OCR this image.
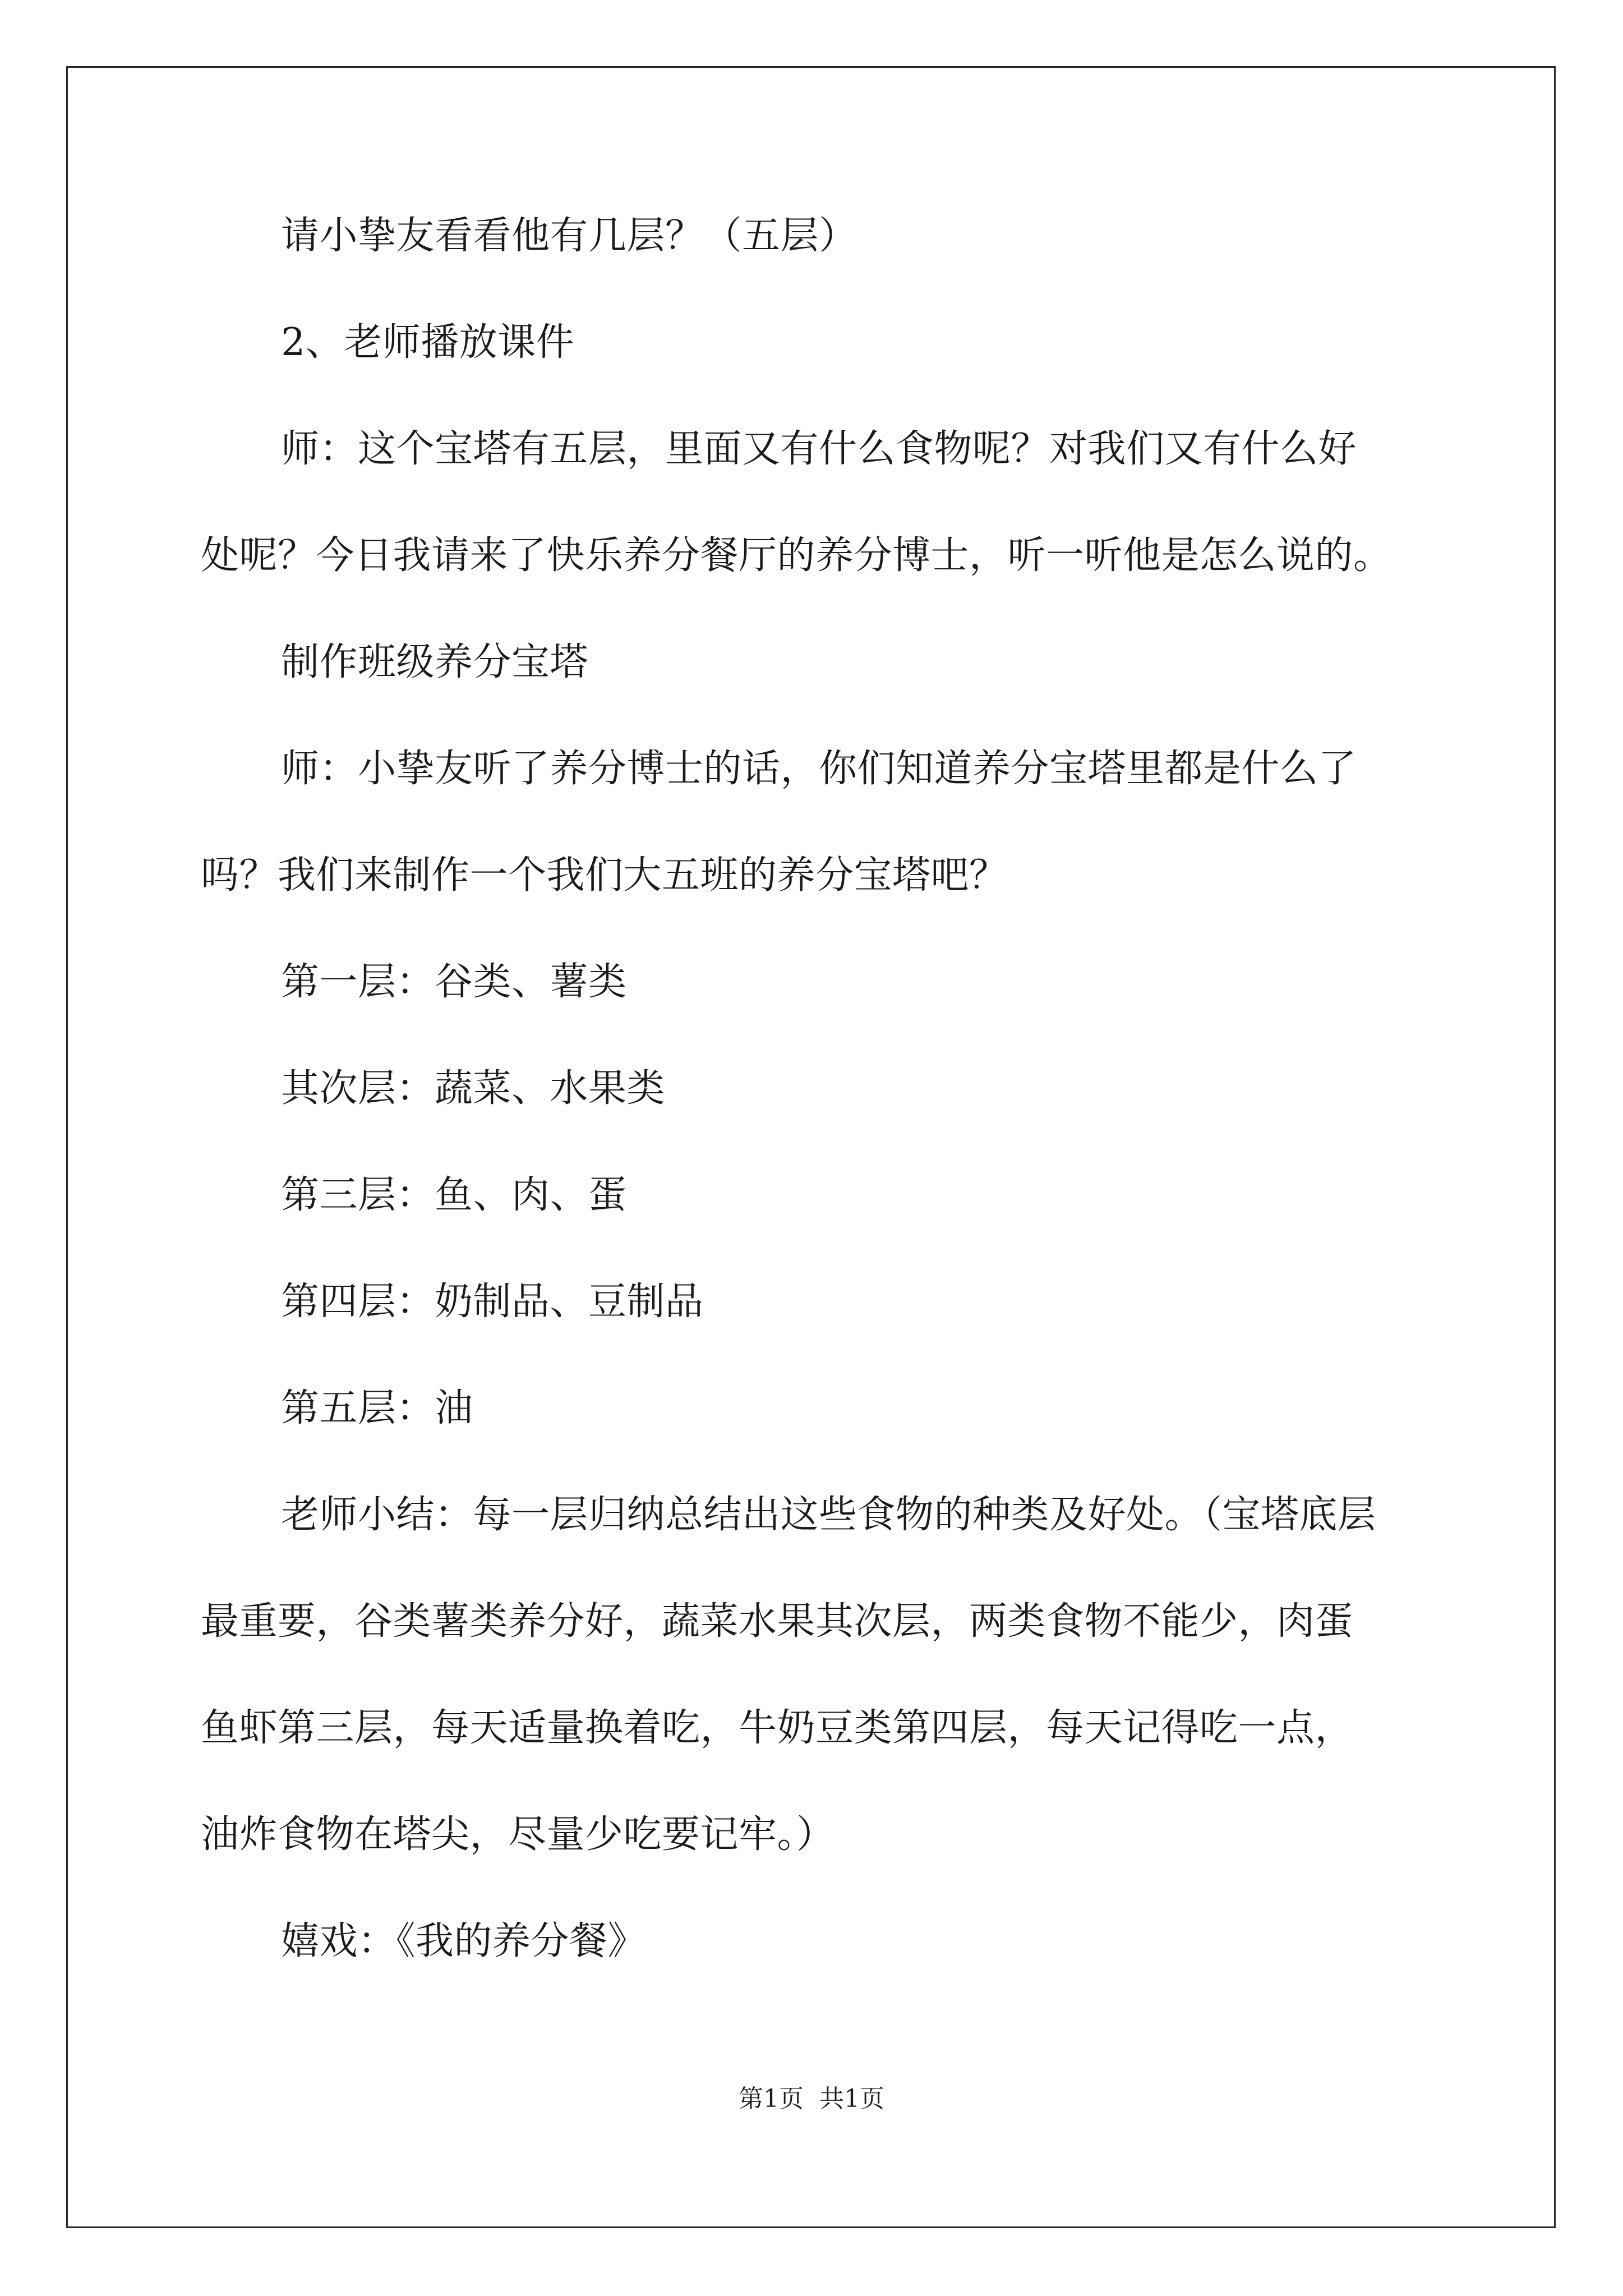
请小挚友看看他有几层？（五层）
2、老师播放课件
师：这个宝塔有五层，里面又有什么食物呢？对我们又有什么好
处呢？今日我请来了快乐养分餐厅的养分博士，听一听他是怎么说的。
制作班级养分宝塔
师：小挚友听了养分博士的话，你们知道养分宝塔里都是什么了
吗？我们来制作一个我们大五班的养分宝塔吧？
第一层：谷类、薯类
其次层：蔬菜、水果类
第三层：鱼、肉、蛋
第四层：奶制品、豆制品
第五层：油
老师小结：每一层归纳总结出这些食物的种类及好处。（宝塔底层
最重要，谷类薯类养分好，蔬菜水果其次层，两类食物不能少，肉蛋
鱼虾第三层，每天适量换着吃，牛奶豆类第四层，每天记得吃一点，
油炸食物在塔尖，尽量少吃要记牢。）
嬉戏：《我的养分餐》
第1页 共1页
